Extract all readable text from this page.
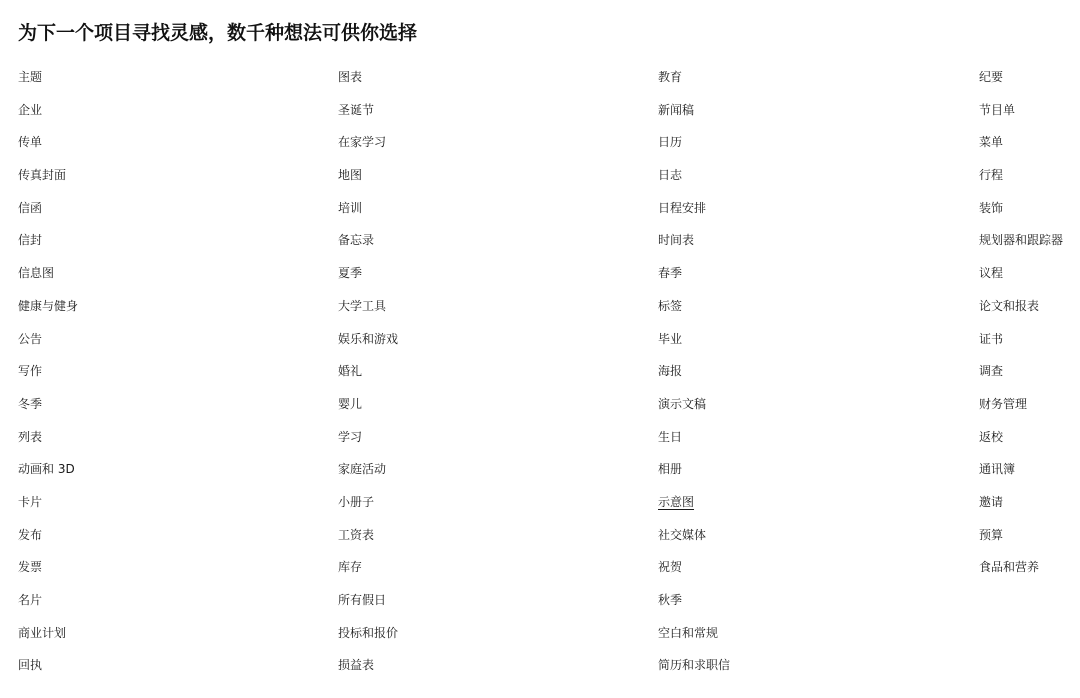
为下一个项目寻找灵感，数千种想法可供你选择
主题
企业
传单
传真封面
信函
信封
信息图
健康与健身
公告
写作
冬季
列表
动画和 3D
卡片
发布
发票
名片
商业计划
回执
图表
圣诞节
在家学习
地图
培训
备忘录
夏季
大学工具
娱乐和游戏
婚礼
婴儿
学习
家庭活动
小册子
工资表
库存
所有假日
投标和报价
损益表
教育
新闻稿
日历
日志
日程安排
时间表
春季
标签
毕业
海报
演示文稿
生日
相册
示意图
社交媒体
祝贺
秋季
空白和常规
简历和求职信
纪要
节目单
菜单
行程
装饰
规划器和跟踪器
议程
论文和报表
证书
调查
财务管理
返校
通讯簿
邀请
预算
食品和营养
